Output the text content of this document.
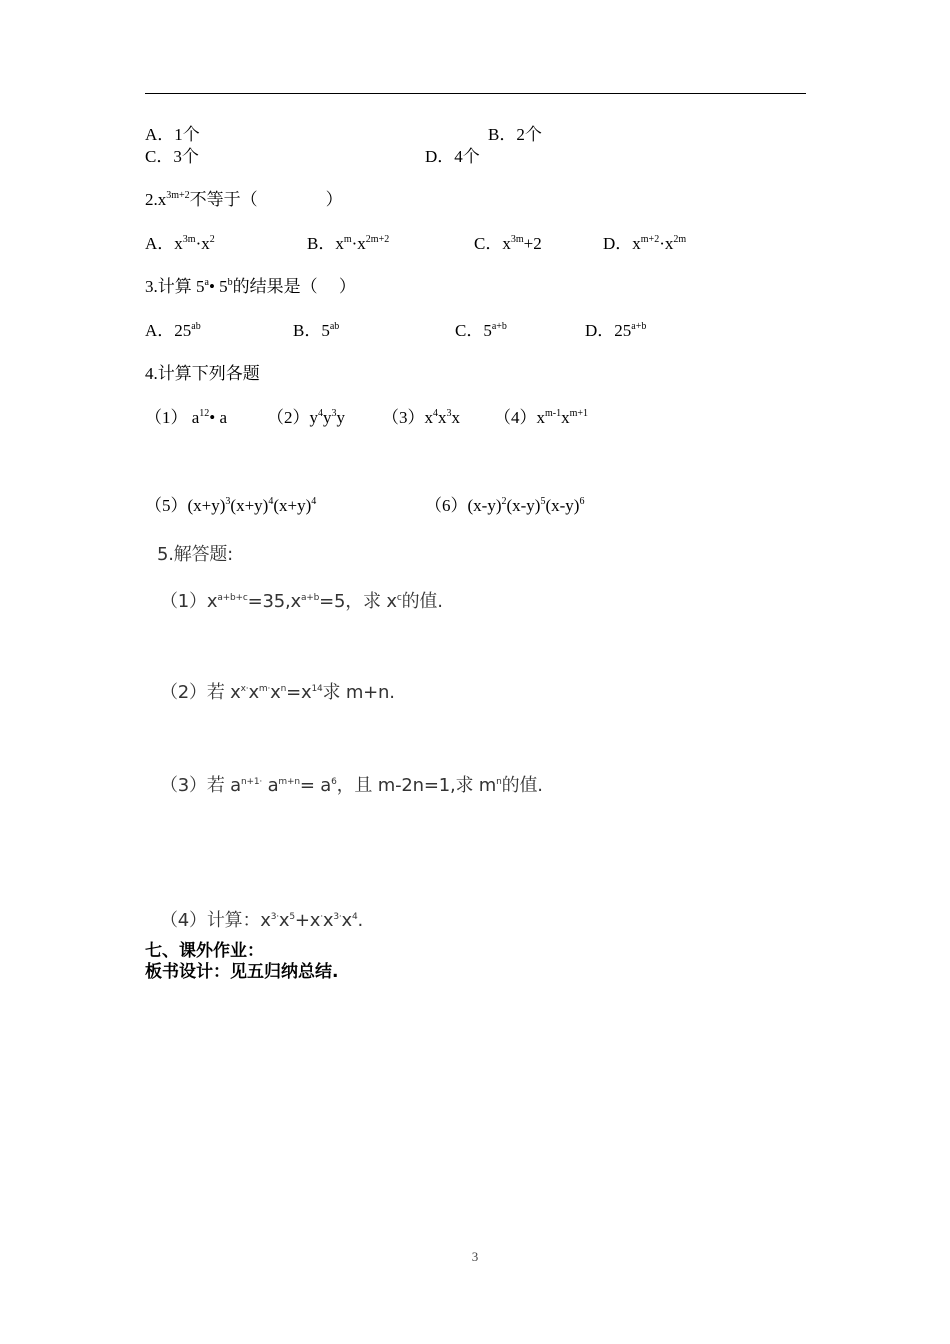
A．1个	B．2个
C．3个	D．4个
$2.x^{3m+2}$不等于（　　　　）
A．$x^{3m}\cdot x^2$	B．$x^m\cdot x^{2m+2}$	C．$x^{3m}+2$	D．$x^{m+2}\cdot x^{2m}$
3.计算 5$^a$• 5$^b$的结果是（　 ）
A．$25^{ab}$	B．$5^{ab}$	C．$5^{a+b}$	D．$25^{a+b}$
4.计算下列各题
（1） $a^{12}•$ a $(2)y^4y^3y$ $(3)x^4x^3x$ $(4)x^{m-1}x^{m+1}$
$(5)(x+y)^3(x+y)^4(x+y)^4$	$(6)(x-y)^2(x-y)^5(x-y)^6$
5.解答题:
$(1)x^{a+b+c}=35,x^{a+b}=5$，求 $x^c$的值.
（2）若 $x^{x\cdot}x^{m\cdot}x^n=x^{14}$求 m+n.
（3）若 $a^{n+1\cdot}$ $a^{m+n}= a^6$，且 m-2n=1,求 $m^n$的值.
（4）计算：$x^{3\cdot}x^5+x^\cdot x^{3\cdot}x^4$.
七、课外作业：
板书设计：见五归纳总结.
3
